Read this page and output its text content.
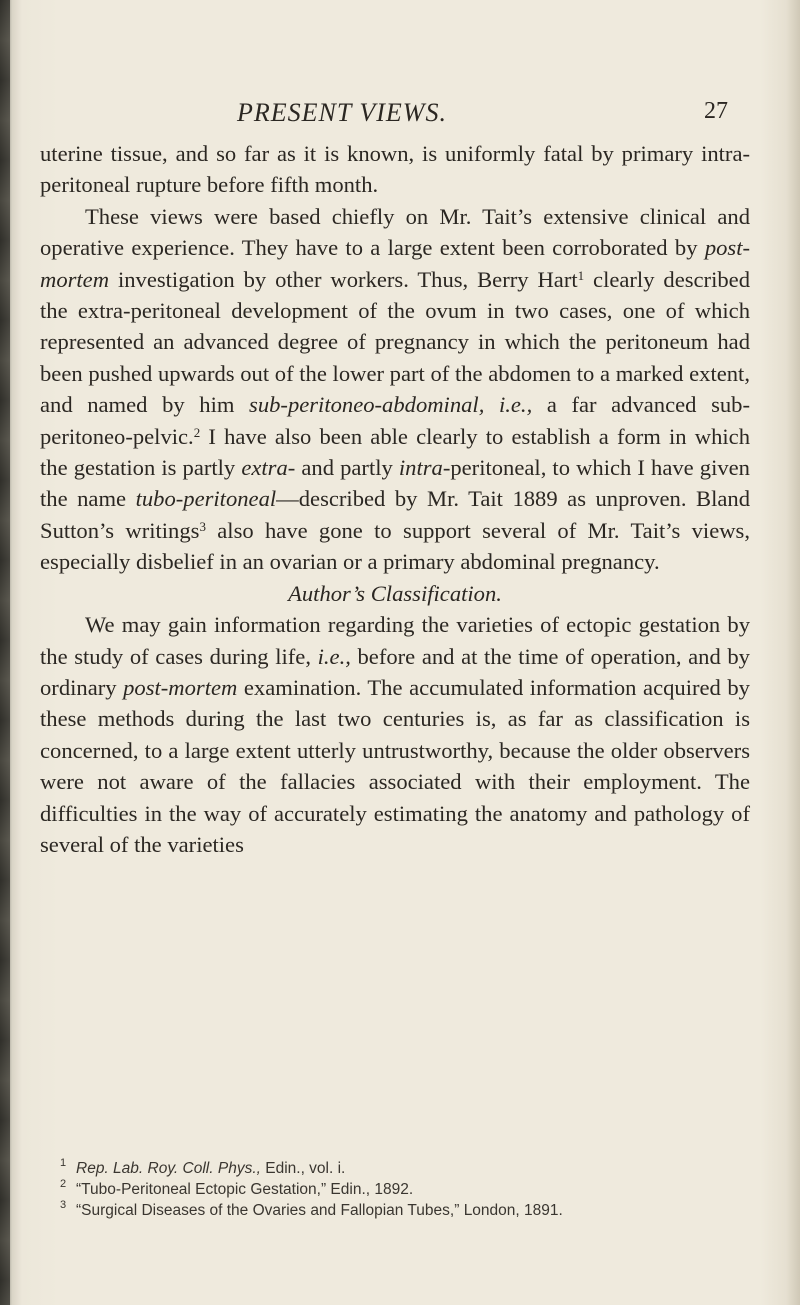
PRESENT VIEWS.	27

uterine tissue, and so far as it is known, is uniformly fatal by primary intra-peritoneal rupture before fifth month.

These views were based chiefly on Mr. Tait’s extensive clinical and operative experience. They have to a large extent been corroborated by post-mortem investigation by other workers. Thus, Berry Hart$^1$ clearly described the extra-peritoneal development of the ovum in two cases, one of which represented an advanced degree of pregnancy in which the peritoneum had been pushed upwards out of the lower part of the abdomen to a marked extent, and named by him sub-peritoneo-abdominal, i.e., a far advanced sub-peritoneo-pelvic.$^2$ I have also been able clearly to establish a form in which the gestation is partly extra- and partly intra-peritoneal, to which I have given the name tubo-peritoneal—described by Mr. Tait 1889 as unproven. Bland Sutton’s writings$^3$ also have gone to support several of Mr. Tait’s views, especially disbelief in an ovarian or a primary abdominal pregnancy.

Author’s Classification.

We may gain information regarding the varieties of ectopic gestation by the study of cases during life, i.e., before and at the time of operation, and by ordinary post-mortem examination. The accumulated information acquired by these methods during the last two centuries is, as far as classification is concerned, to a large extent utterly untrustworthy, because the older observers were not aware of the fallacies associated with their employment. The difficulties in the way of accurately estimating the anatomy and pathology of several of the varieties

1 Rep. Lab. Roy. Coll. Phys., Edin., vol. i.
2 “Tubo-Peritoneal Ectopic Gestation,” Edin., 1892.
3 “Surgical Diseases of the Ovaries and Fallopian Tubes,” London, 1891.
